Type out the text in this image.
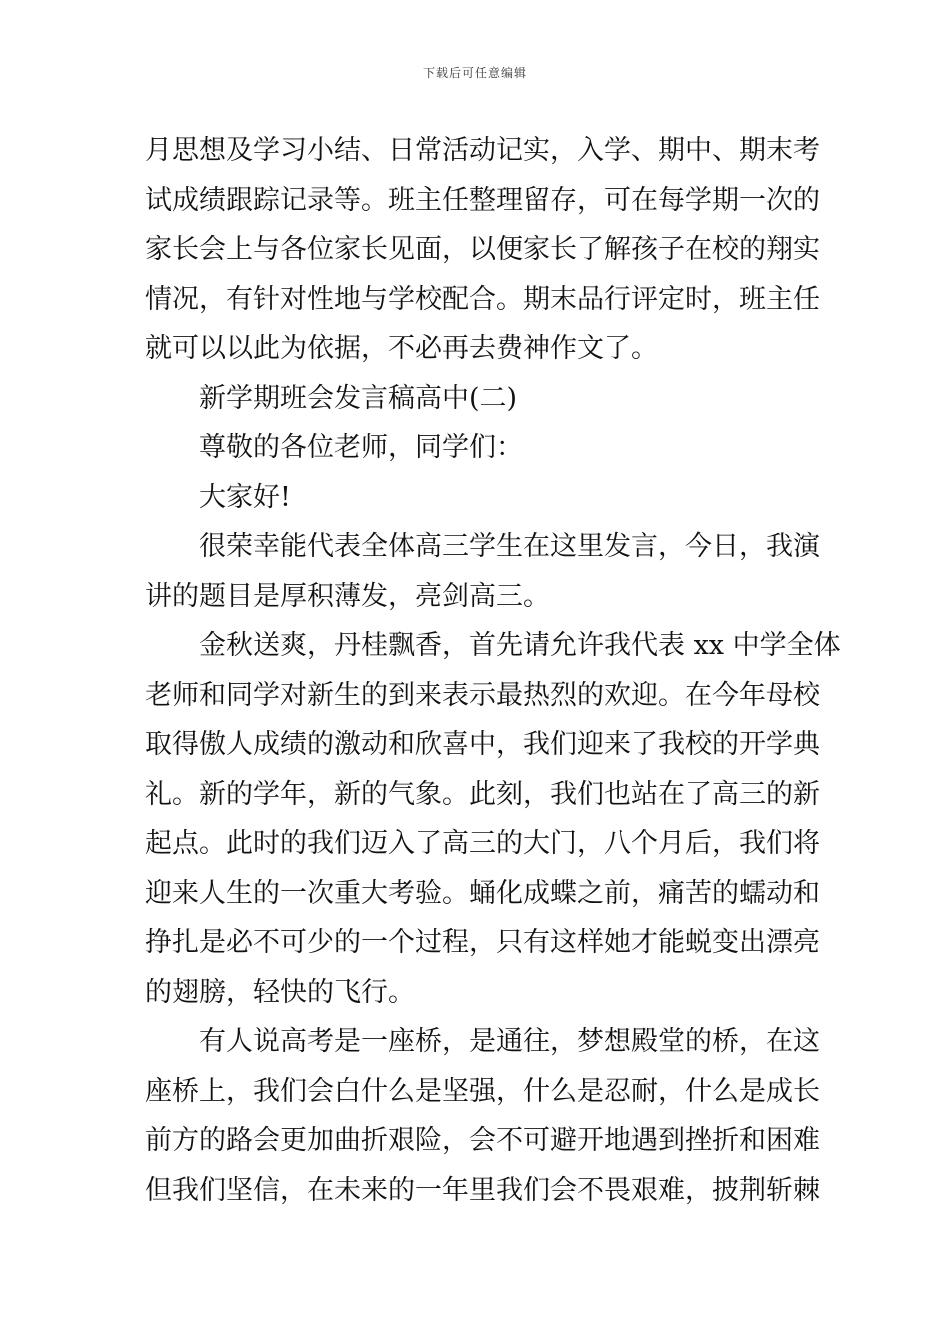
下载后可任意编辑
月思想及学习小结、日常活动记实，入学、期中、期末考
试成绩跟踪记录等。班主任整理留存，可在每学期一次的
家长会上与各位家长见面，以便家长了解孩子在校的翔实
情况，有针对性地与学校配合。期末品行评定时，班主任
就可以以此为依据，不必再去费神作文了。
新学期班会发言稿高中(二)
尊敬的各位老师，同学们：
大家好!
很荣幸能代表全体高三学生在这里发言，今日，我演
讲的题目是厚积薄发，亮剑高三。
金秋送爽，丹桂飘香，首先请允许我代表 xx 中学全体
老师和同学对新生的到来表示最热烈的欢迎。在今年母校
取得傲人成绩的激动和欣喜中，我们迎来了我校的开学典
礼。新的学年，新的气象。此刻，我们也站在了高三的新
起点。此时的我们迈入了高三的大门，八个月后，我们将
迎来人生的一次重大考验。蛹化成蝶之前，痛苦的蠕动和
挣扎是必不可少的一个过程，只有这样她才能蜕变出漂亮
的翅膀，轻快的飞行。
有人说高考是一座桥，是通往，梦想殿堂的桥，在这
座桥上，我们会白什么是坚强，什么是忍耐，什么是成长
前方的路会更加曲折艰险，会不可避开地遇到挫折和困难
但我们坚信，在未来的一年里我们会不畏艰难，披荆斩棘
